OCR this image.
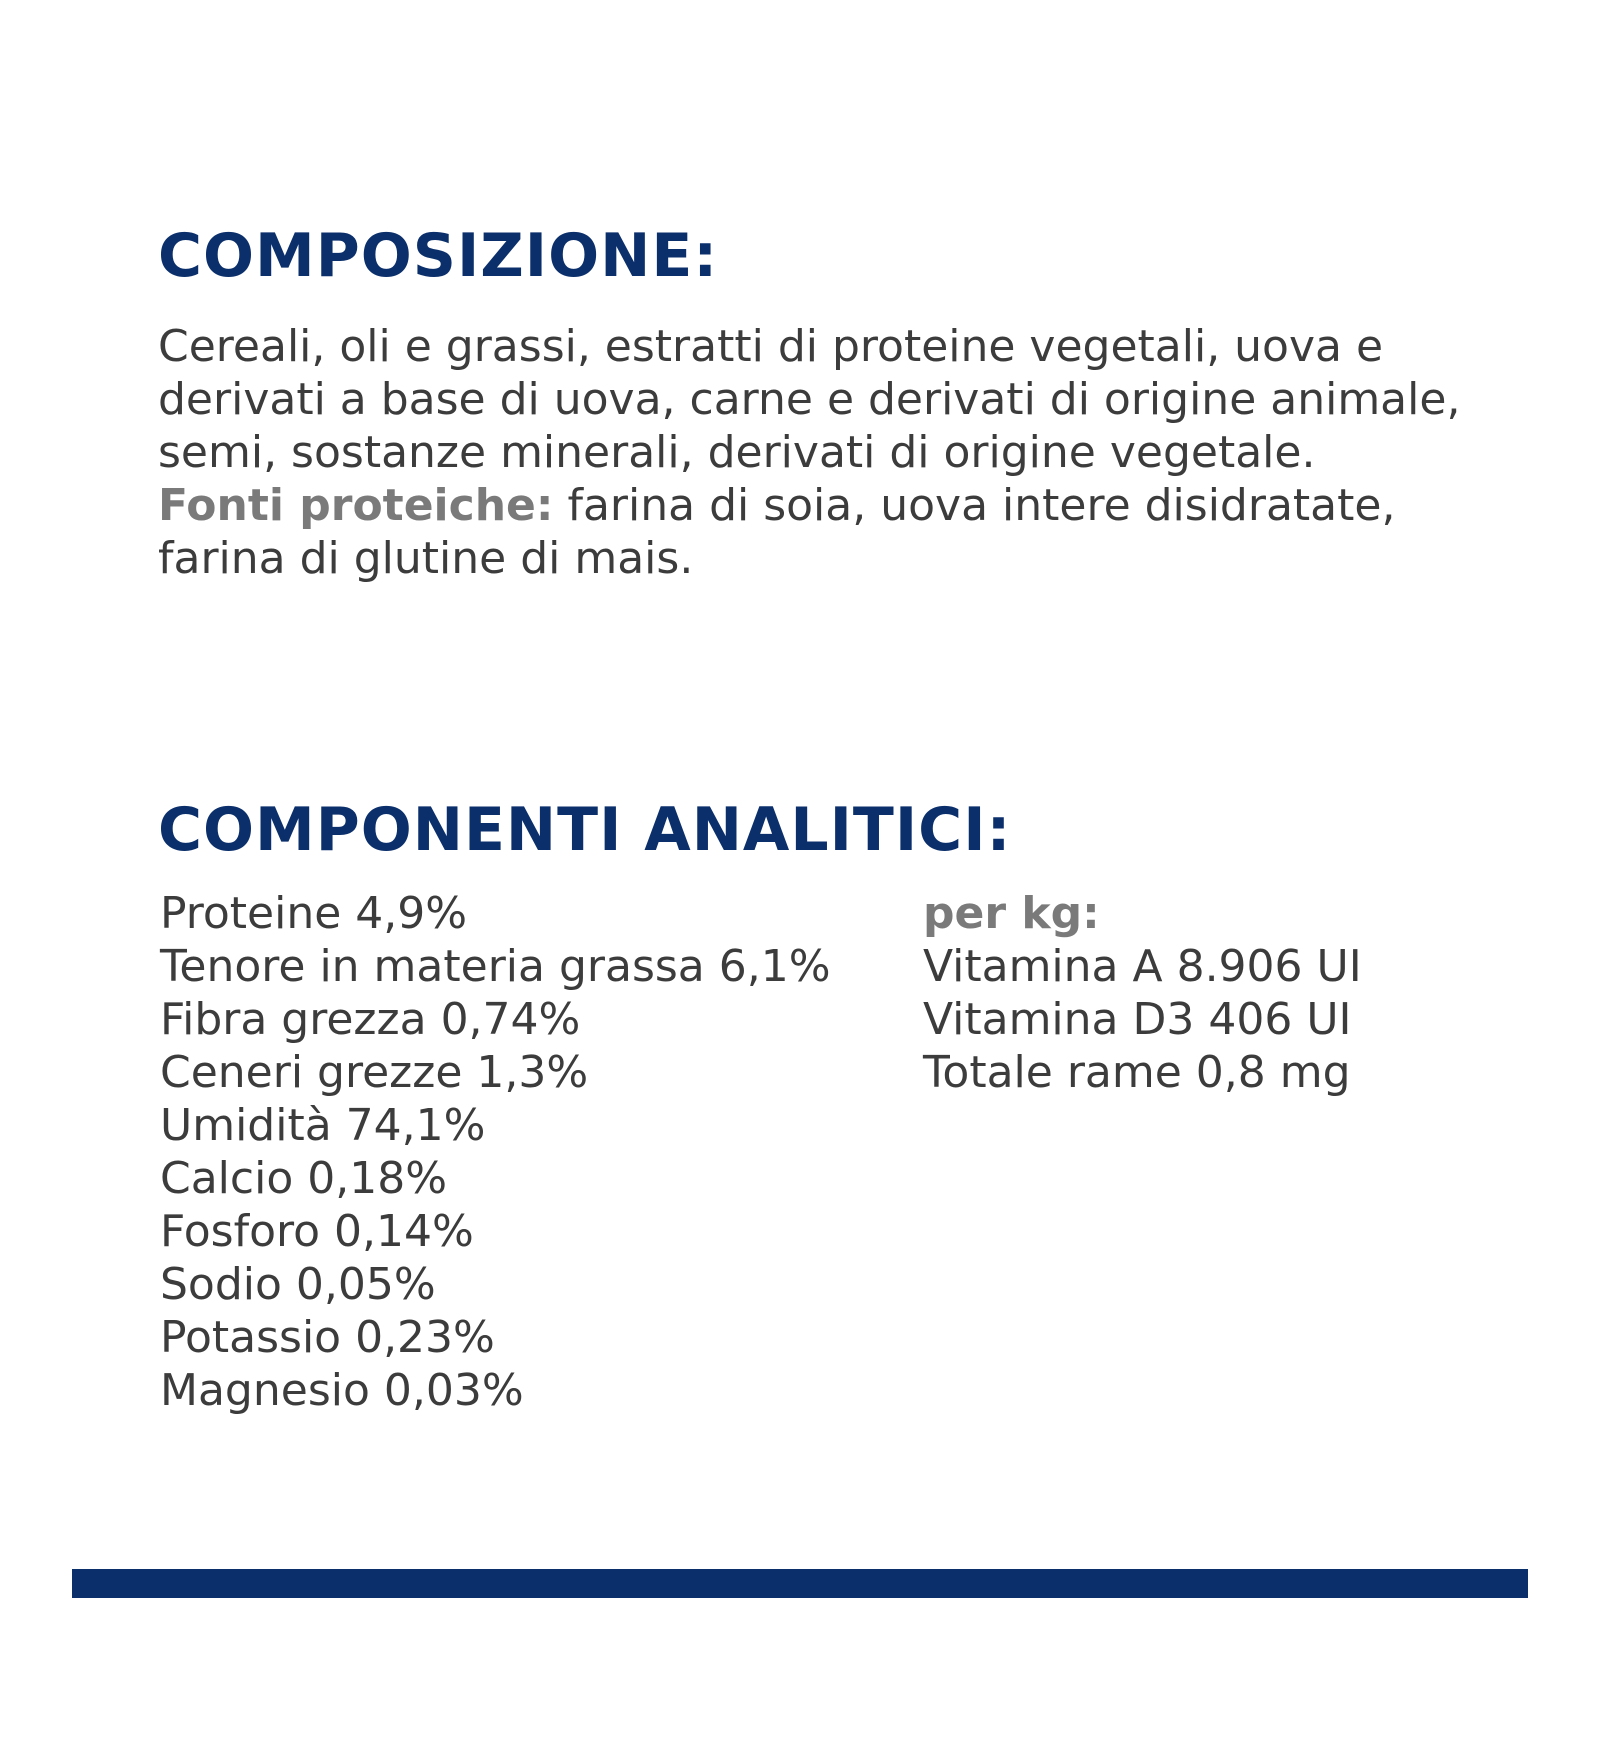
COMPOSIZIONE:
Cereali, oli e grassi, estratti di proteine vegetali, uova e derivati a base di uova, carne e derivati di origine animale, semi, sostanze minerali, derivati di origine vegetale.
Fonti proteiche: farina di soia, uova intere disidratate, farina di glutine di mais.
COMPONENTI ANALITICI:
Proteine 4,9%
Tenore in materia grassa 6,1%
Fibra grezza 0,74%
Ceneri grezze 1,3%
Umidità 74,1%
Calcio 0,18%
Fosforo 0,14%
Sodio 0,05%
Potassio 0,23%
Magnesio 0,03%
per kg:
Vitamina A 8.906 UI
Vitamina D3 406 UI
Totale rame 0,8 mg
